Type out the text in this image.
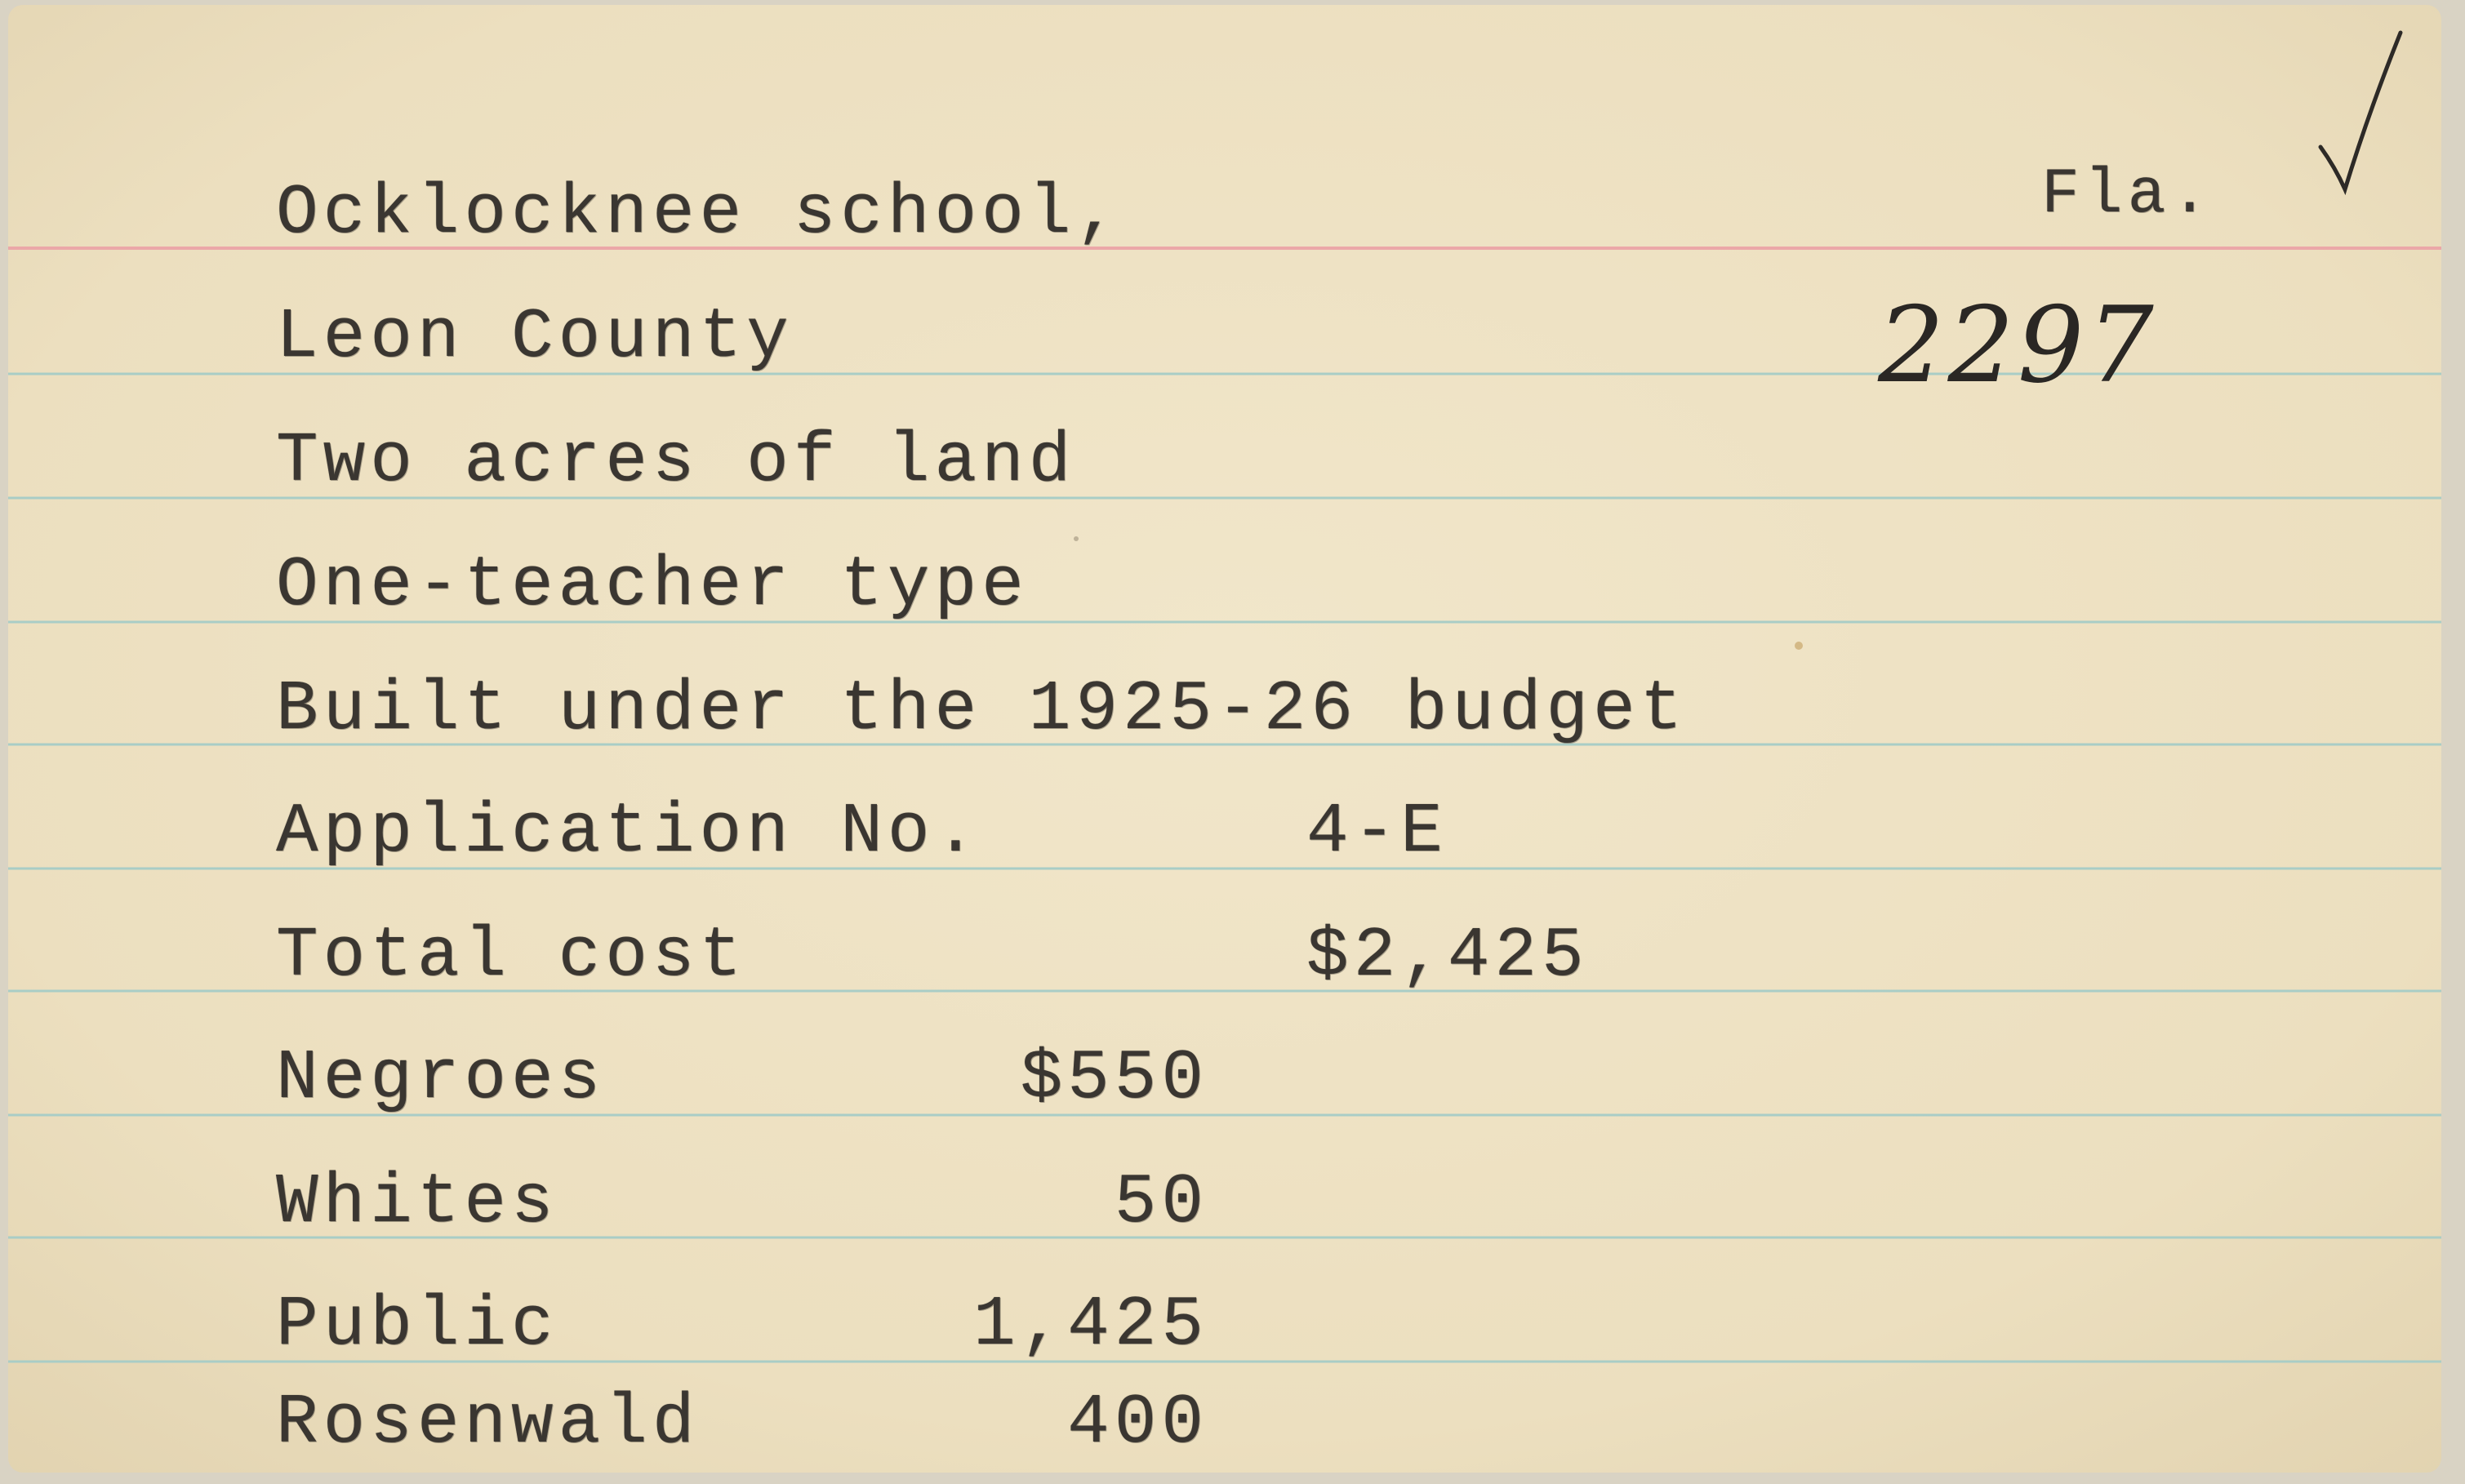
Ocklocknee school,	Fla.
2297
Leon County
Two acres of land
One-teacher type
Built under the 1925-26 budget
Application No.	4-E
Total cost	$2,425
Negroes	$550
Whites	50
Public	1,425
Rosenwald	400
